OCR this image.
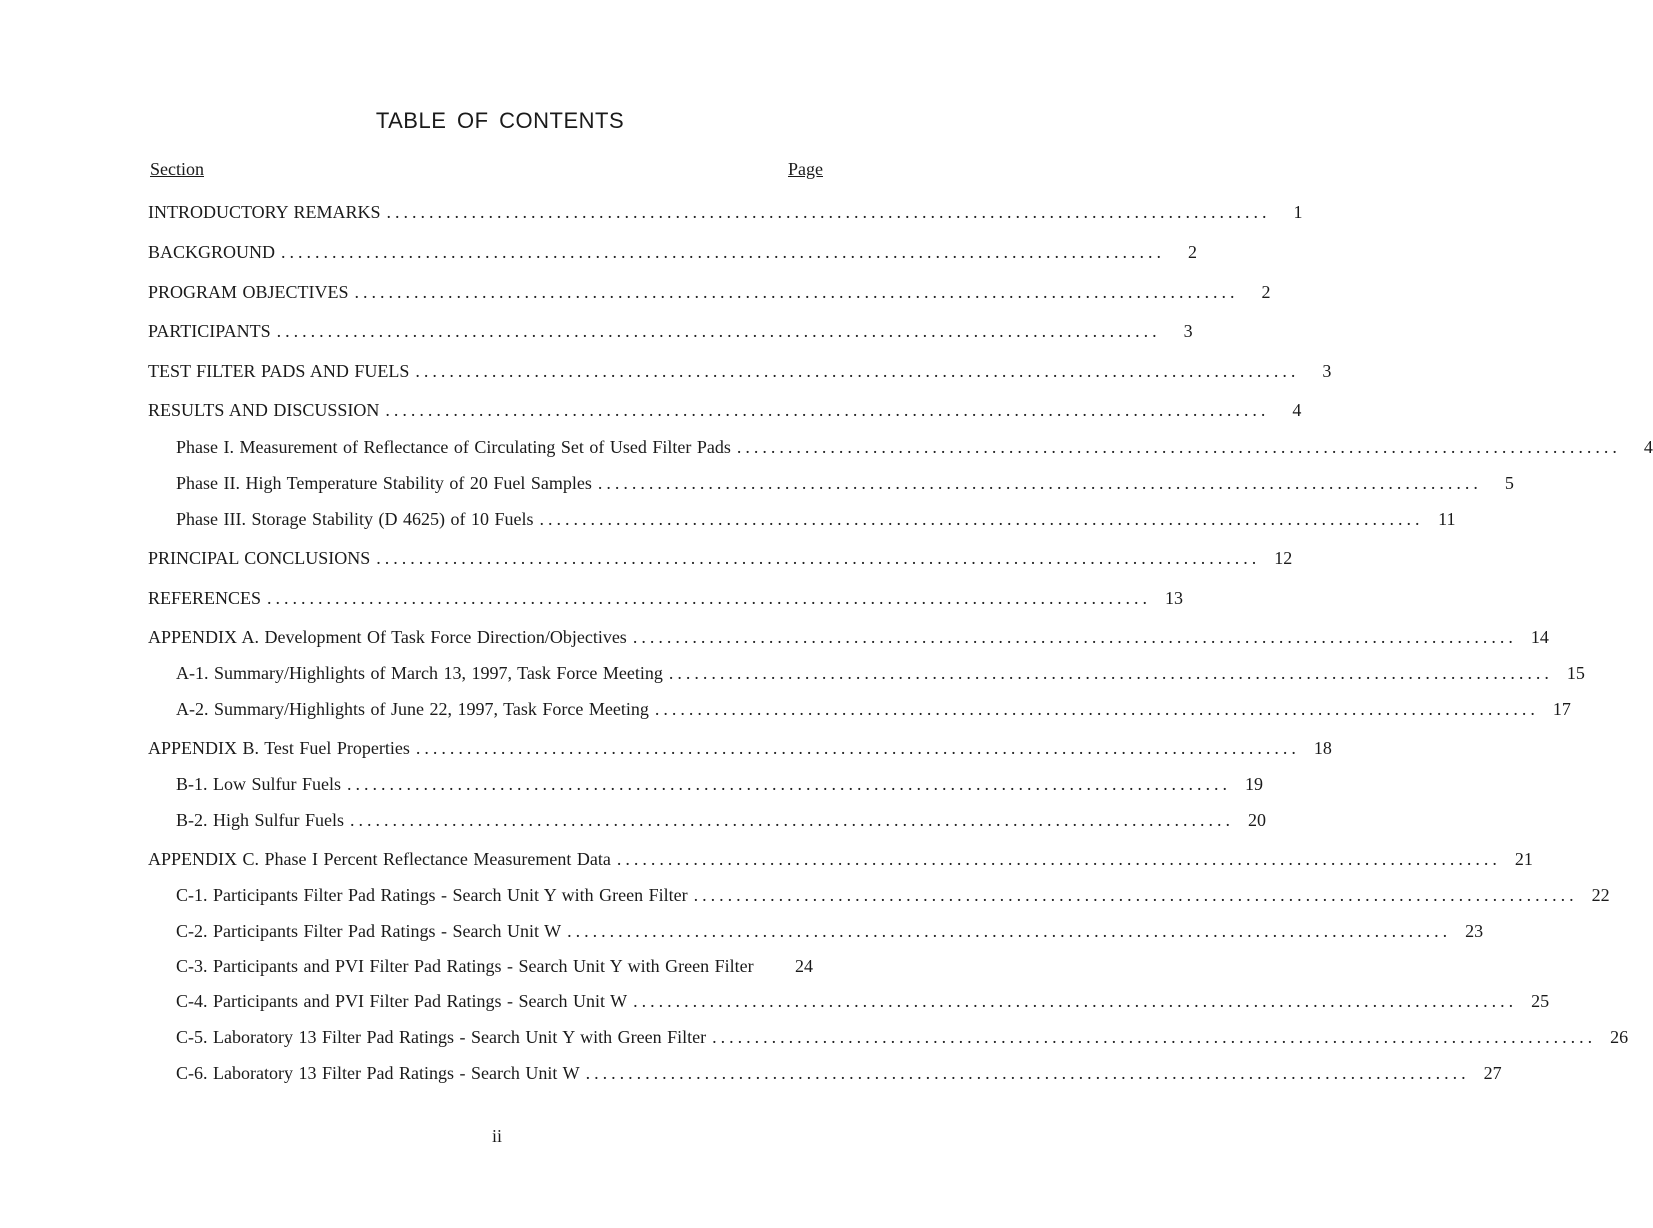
TABLE OF CONTENTS
Section	Page
INTRODUCTORY REMARKS ........................................................................................................	1
BACKGROUND ........................................................................................................	2
PROGRAM OBJECTIVES ........................................................................................................	2
PARTICIPANTS ........................................................................................................	3
TEST FILTER PADS AND FUELS ........................................................................................................	3
RESULTS AND DISCUSSION ........................................................................................................	4
Phase I. Measurement of Reflectance of Circulating Set of Used Filter Pads ........................................................................................................	4
Phase II. High Temperature Stability of 20 Fuel Samples ........................................................................................................	5
Phase III. Storage Stability (D 4625) of 10 Fuels ........................................................................................................ 11
PRINCIPAL CONCLUSIONS ........................................................................................................ 12
REFERENCES ........................................................................................................ 13
APPENDIX A. Development Of Task Force Direction/Objectives ........................................................................................................ 14
A-1. Summary/Highlights of March 13, 1997, Task Force Meeting ........................................................................................................ 15
A-2. Summary/Highlights of June 22, 1997, Task Force Meeting ........................................................................................................ 17
APPENDIX B. Test Fuel Properties ........................................................................................................ 18
B-1. Low Sulfur Fuels ........................................................................................................ 19
B-2. High Sulfur Fuels ........................................................................................................ 20
APPENDIX C. Phase I Percent Reflectance Measurement Data ........................................................................................................ 21
C-1. Participants Filter Pad Ratings - Search Unit Y with Green Filter ........................................................................................................ 22
C-2. Participants Filter Pad Ratings - Search Unit W ........................................................................................................ 23
C-3. Participants and PVI Filter Pad Ratings - Search Unit Y with Green Filter	24
C-4. Participants and PVI Filter Pad Ratings - Search Unit W ........................................................................................................ 25
C-5. Laboratory 13 Filter Pad Ratings - Search Unit Y with Green Filter ........................................................................................................ 26
C-6. Laboratory 13 Filter Pad Ratings - Search Unit W ........................................................................................................ 27
ii
